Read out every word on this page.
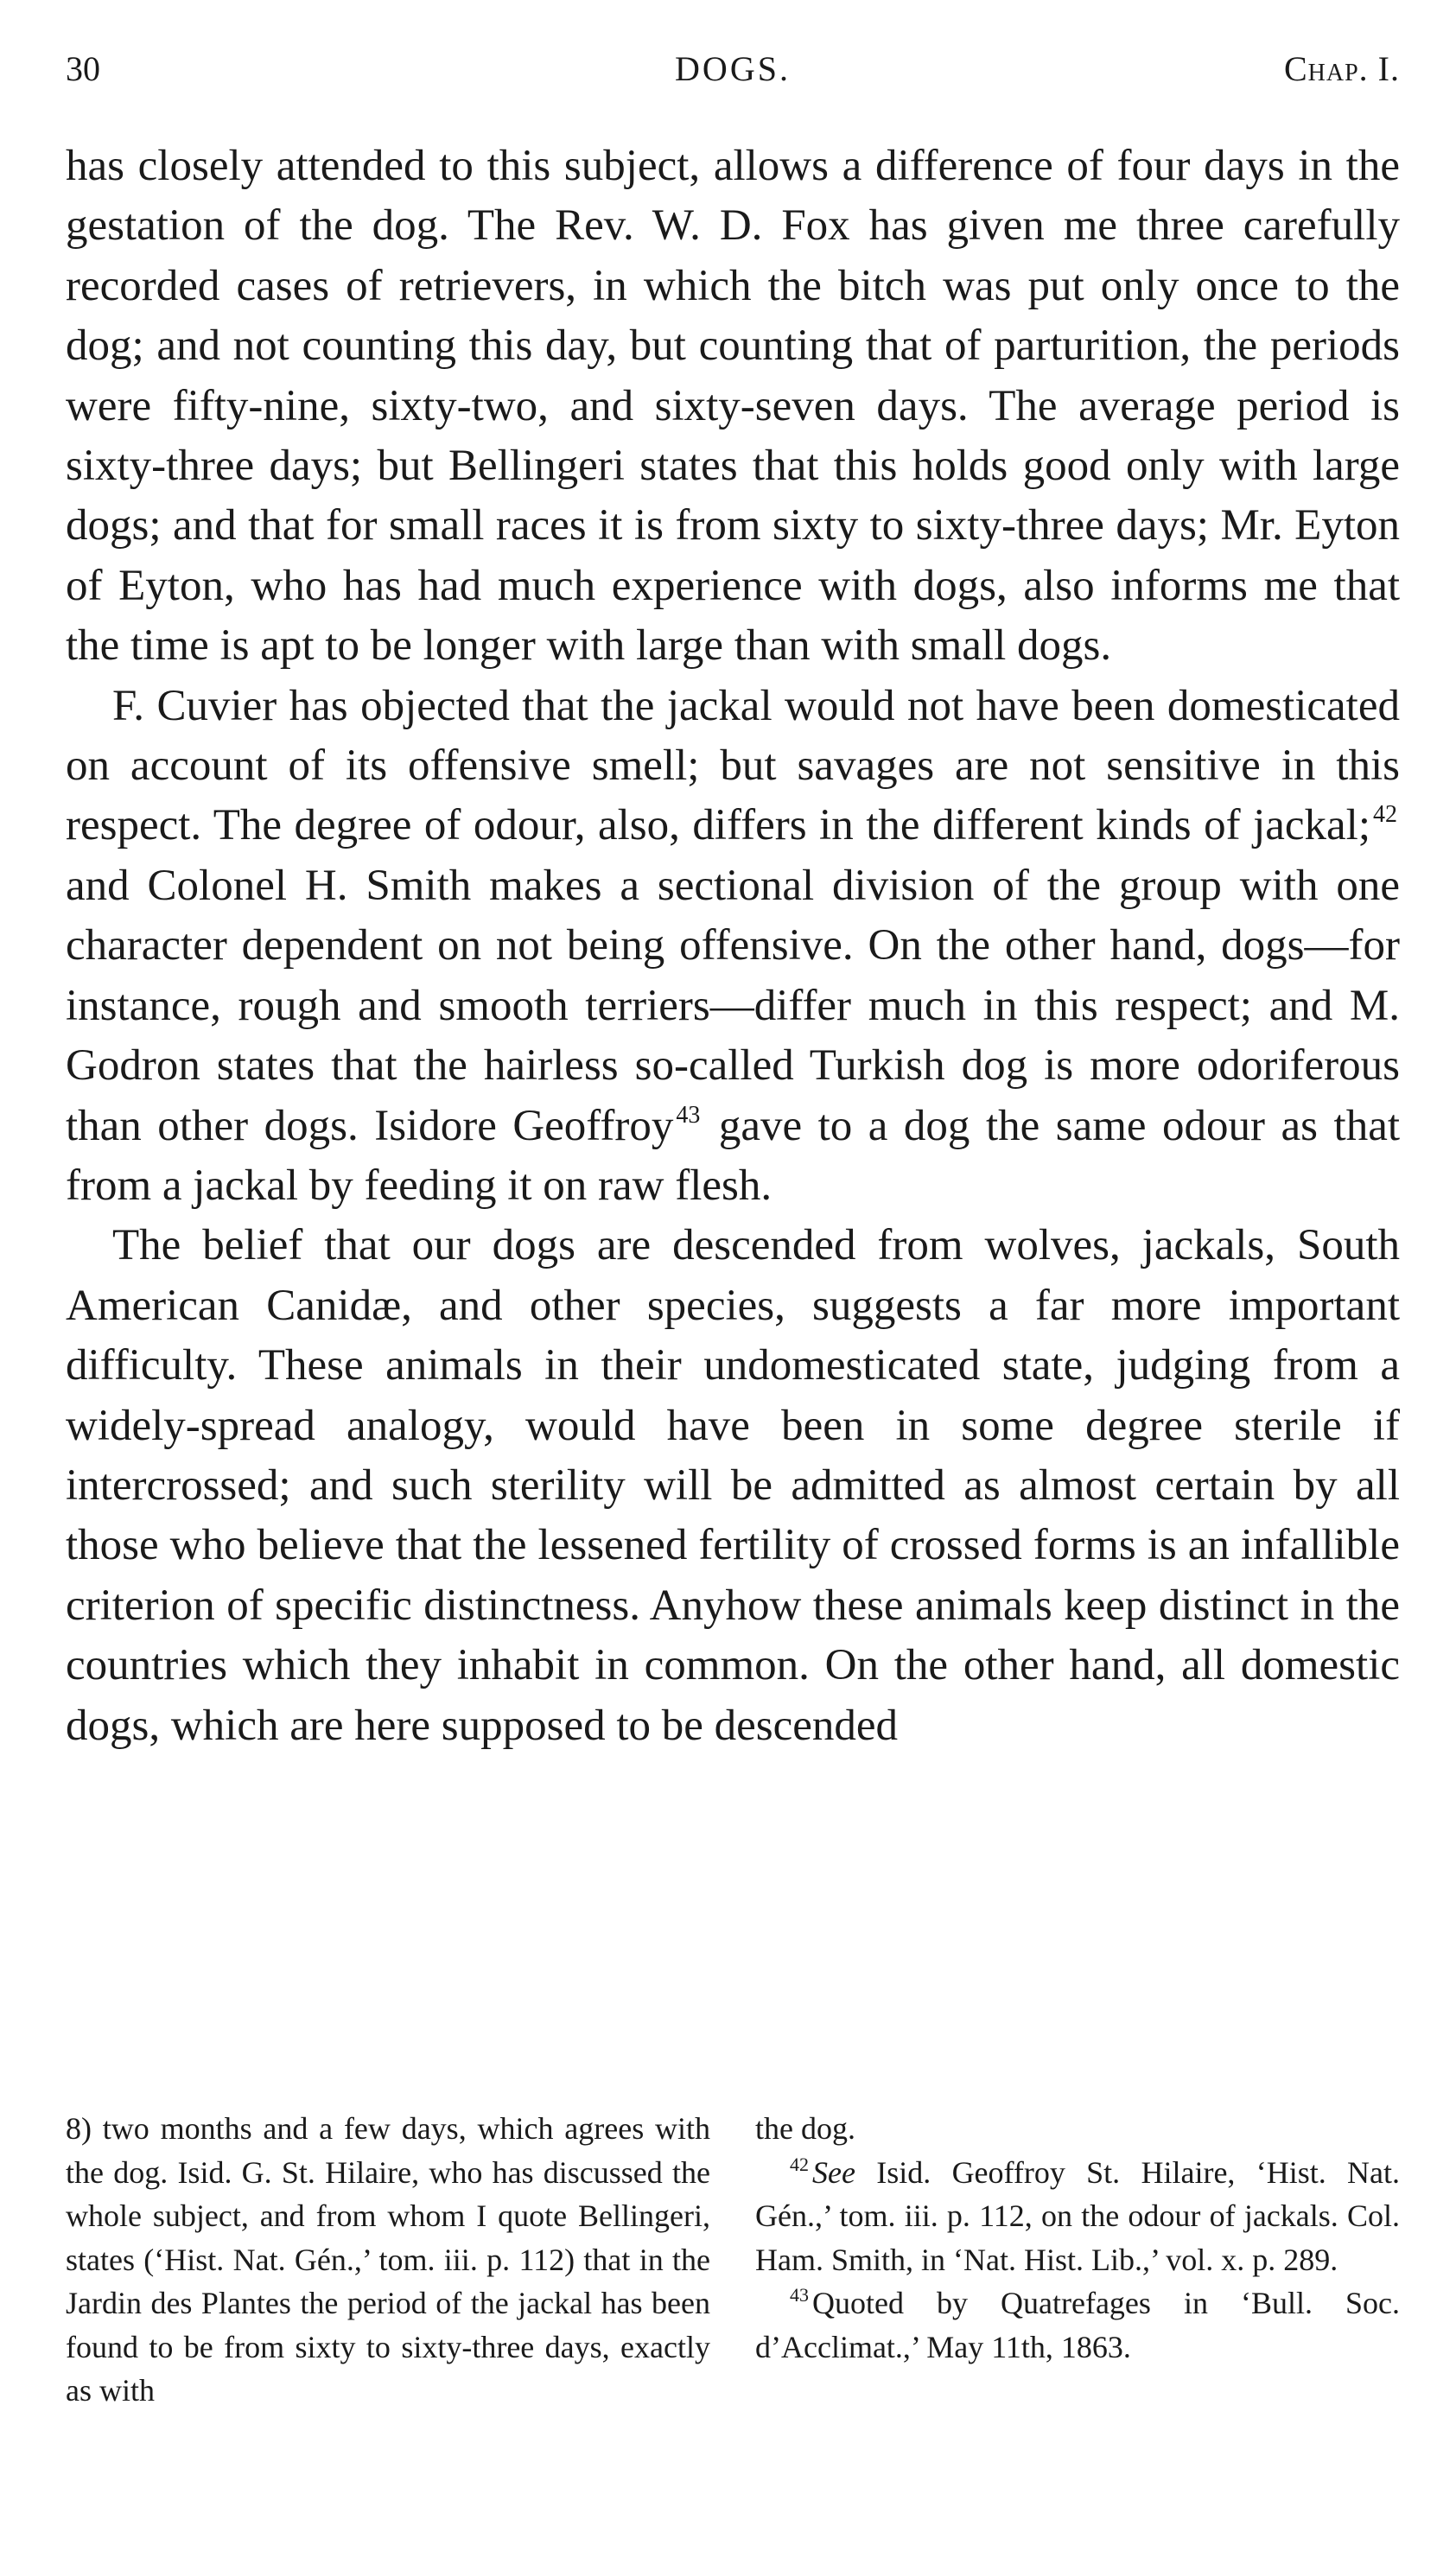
30	DOGS.	Chap. I.

has closely attended to this subject, allows a difference of four days in the gestation of the dog. The Rev. W. D. Fox has given me three carefully recorded cases of retrievers, in which the bitch was put only once to the dog; and not counting this day, but counting that of parturition, the periods were fifty-nine, sixty-two, and sixty-seven days. The average period is sixty-three days; but Bellingeri states that this holds good only with large dogs; and that for small races it is from sixty to sixty-three days; Mr. Eyton of Eyton, who has had much experience with dogs, also informs me that the time is apt to be longer with large than with small dogs.

F. Cuvier has objected that the jackal would not have been domesticated on account of its offensive smell; but savages are not sensitive in this respect. The degree of odour, also, differs in the different kinds of jackal; $^{42}$ and Colonel H. Smith makes a sectional division of the group with one character dependent on not being offensive. On the other hand, dogs—for instance, rough and smooth terriers—differ much in this respect; and M. Godron states that the hairless so-called Turkish dog is more odoriferous than other dogs. Isidore Geoffroy $^{43}$ gave to a dog the same odour as that from a jackal by feeding it on raw flesh.

The belief that our dogs are descended from wolves, jackals, South American Canidæ, and other species, suggests a far more important difficulty. These animals in their undomesticated state, judging from a widely-spread analogy, would have been in some degree sterile if intercrossed; and such sterility will be admitted as almost certain by all those who believe that the lessened fertility of crossed forms is an infallible criterion of specific distinctness. Anyhow these animals keep distinct in the countries which they inhabit in common. On the other hand, all domestic dogs, which are here supposed to be descended

8) two months and a few days, which agrees with the dog. Isid. G. St. Hilaire, who has discussed the whole subject, and from whom I quote Bellingeri, states (‘Hist. Nat. Gén.,’ tom. iii. p. 112) that in the Jardin des Plantes the period of the jackal has been found to be from sixty to sixty-three days, exactly as with

the dog.

$^{42}$ See Isid. Geoffroy St. Hilaire, ‘Hist. Nat. Gén.,’ tom. iii. p. 112, on the odour of jackals. Col. Ham. Smith, in ‘Nat. Hist. Lib.,’ vol. x. p. 289.

$^{43}$ Quoted by Quatrefages in ‘Bull. Soc. d’Acclimat.,’ May 11th, 1863.
